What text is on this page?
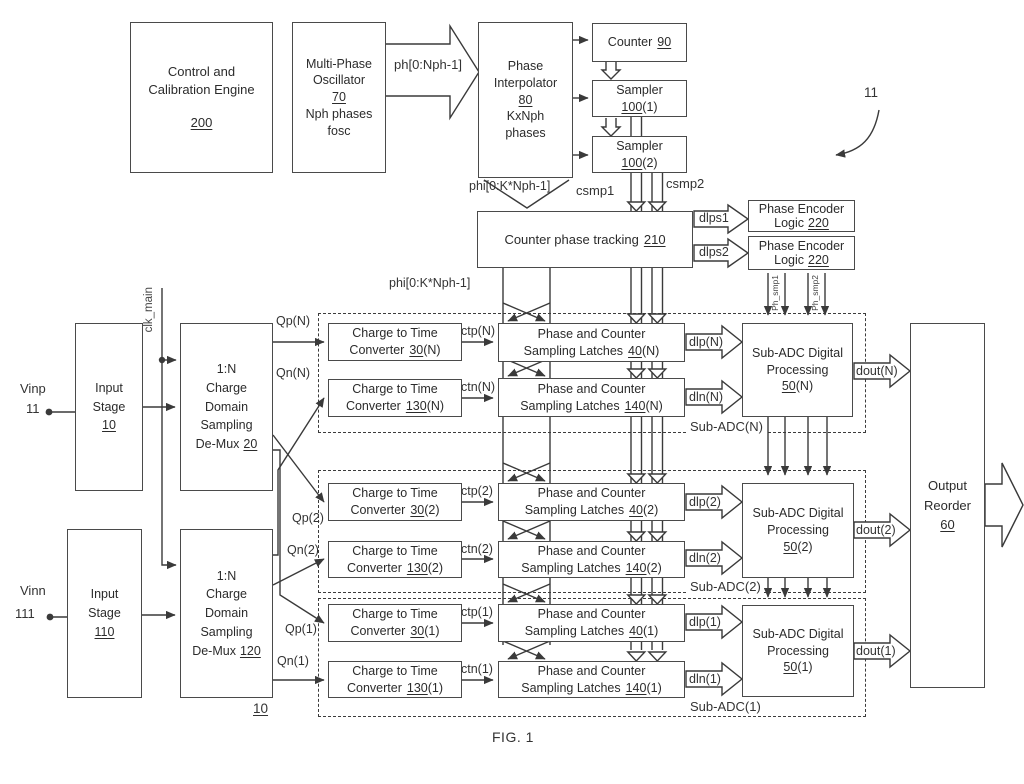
Control and Calibration Engine
200
Multi-Phase
Oscillator
70
Nph phases
fosc
Phase
Interpolator
80
KxNph
phases
Counter 90
Sampler
100(1)
Sampler
100(2)
Counter phase tracking 210
Phase Encoder
Logic 220
Phase Encoder
Logic 220
Input
Stage
10
1:N
Charge
Domain
Sampling
De-Mux 20
Input
Stage
110
1:N
Charge
Domain
Sampling
De-Mux 120
Charge to Time
Converter 30(N)
Phase and Counter
Sampling Latches 40(N)
Charge to Time
Converter 130(N)
Phase and Counter
Sampling Latches 140(N)
Sub-ADC Digital
Processing
50(N)
Charge to Time
Converter 30(2)
Phase and Counter
Sampling Latches 40(2)
Charge to Time
Converter 130(2)
Phase and Counter
Sampling Latches 140(2)
Sub-ADC Digital
Processing
50(2)
Charge to Time
Converter 30(1)
Phase and Counter
Sampling Latches 40(1)
Charge to Time
Converter 130(1)
Phase and Counter
Sampling Latches 140(1)
Sub-ADC Digital
Processing
50(1)
Output
Reorder
60
ph[0:Nph-1]
phi[0:K*Nph-1] csmp1	csmp2
dlps1
dlps2
Ph_smp1	Ph_smp2
phi[0:K*Nph-1]
clk_main
Vinp
11
Vinn
111
Qp(N)
Qn(N)
Qp(2)
Qn(2)
Qp(1)
Qn(1)
ctp(N)
ctn(N)
ctp(2)
ctn(2)
ctp(1)
ctn(1)
dlp(N)
dln(N)
dlp(2)
dln(2)
dlp(1)
dln(1)
dout(N)
dout(2)
dout(1)
Sub-ADC(N)
Sub-ADC(2)
Sub-ADC(1)
10
11
FIG. 1
